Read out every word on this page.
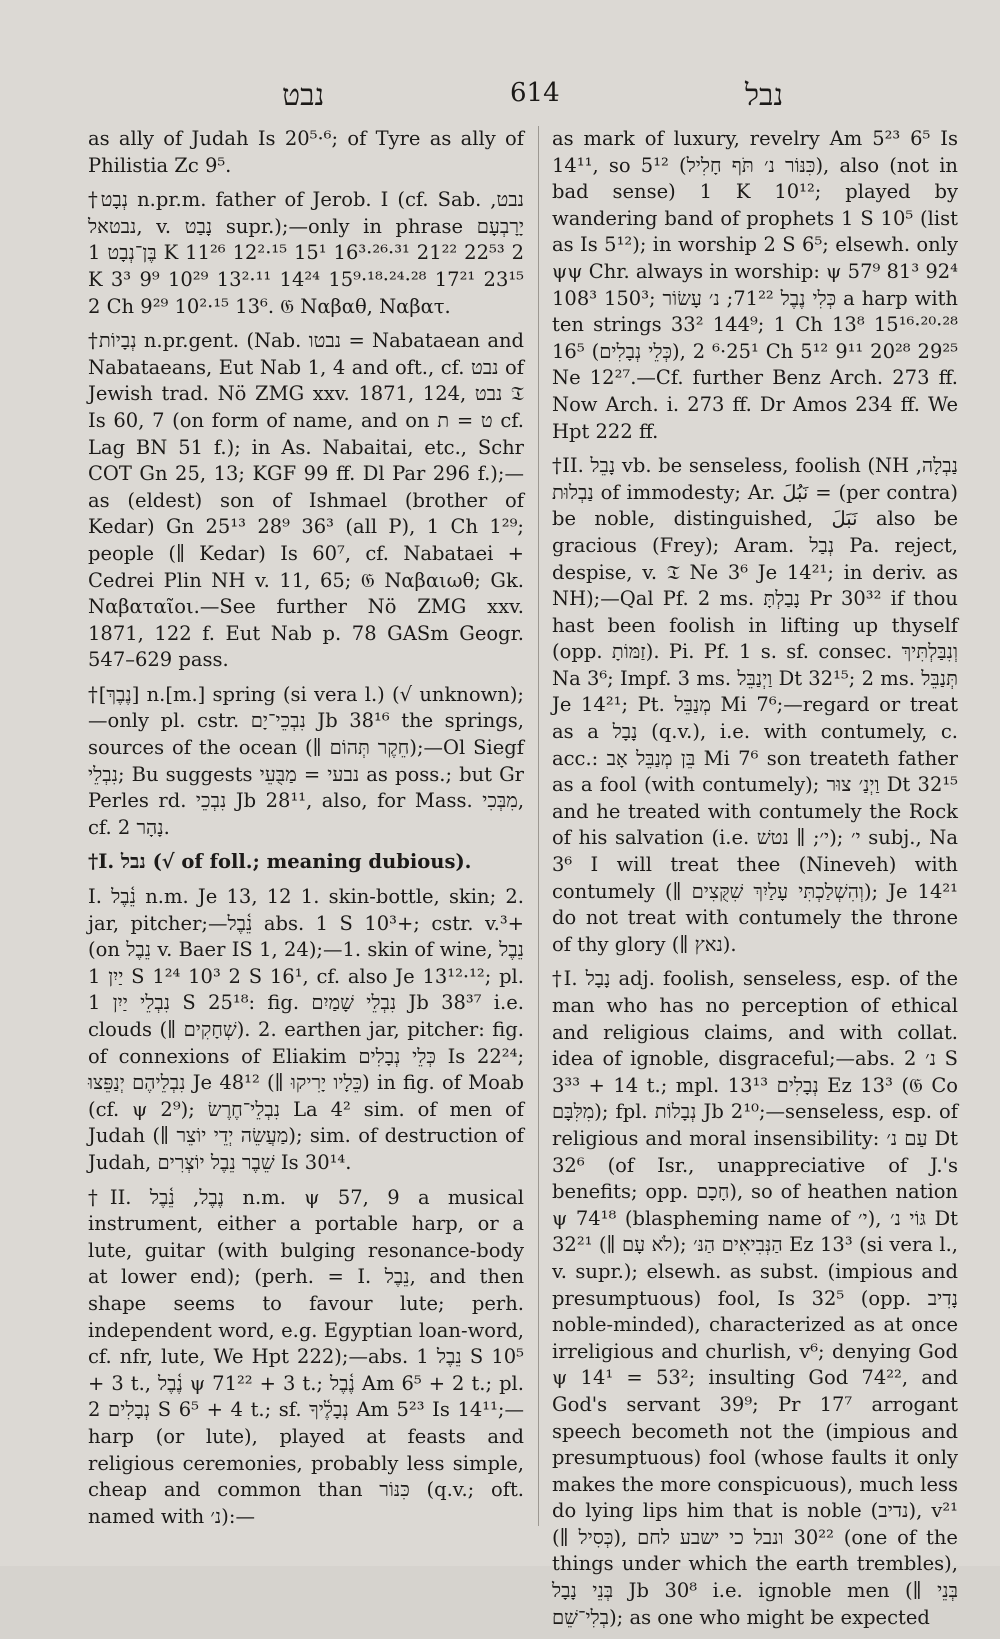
נבט	614	נבל

as ally of Judah Is 20⁵·⁶; of Tyre as ally of Philistia Zc 9⁵.

†נְבָט n.pr.m. father of Jerob. I (cf. Sab. נבט, נבטאל, v. נָבַט supr.);—only in phrase יָרָבְעָם בֶּן־נְבָט 1 K 11²⁶ 12²·¹⁵ 15¹ 16³·²⁶·³¹ 21²² 22⁵³ 2 K 3³ 9⁹ 10²⁹ 13²·¹¹ 14²⁴ 15⁹·¹⁸·²⁴·²⁸ 17²¹ 23¹⁵ 2 Ch 9²⁹ 10²·¹⁵ 13⁶. 𝔊 Ναβαθ, Ναβατ.

†נְבָיוֹת n.pr.gent. (Nab. נבטו = Nabataean and Nabataeans, Eut Nab 1, 4 and oft., cf. נבט of Jewish trad. Nö ZMG xxv. 1871, 124, נבט 𝔗 Is 60, 7 (on form of name, and on ט = ת cf. Lag BN 51 f.); in As. Nabaitai, etc., Schr COT Gn 25, 13; KGF 99 ff. Dl Par 296 f.);—as (eldest) son of Ishmael (brother of Kedar) Gn 25¹³ 28⁹ 36³ (all P), 1 Ch 1²⁹; people (∥ Kedar) Is 60⁷, cf. Nabataei + Cedrei Plin NH v. 11, 65; 𝔊 Ναβαιωθ; Gk. Ναβαταῖοι.—See further Nö ZMG xxv. 1871, 122 f. Eut Nab p. 78 GASm Geogr. 547–629 pass.

†[נֶבֶךְ] n.[m.] spring (si vera l.) (√ unknown);—only pl. cstr. נִבְכֵי־יָם Jb 38¹⁶ the springs, sources of the ocean (∥ חֵקֶר תְּהוֹם);—Ol Siegf נִבְלֵי; Bu suggests נבעי = מַבֻּעֵי as poss.; but Gr Perles rd. נִבְכֵי Jb 28¹¹, also, for Mass. מִבְּכִי, cf. נָהָר 2.

†I. נבל (√ of foll.; meaning dubious).

I. נֵ֫בֶל n.m. Je 13, 12 1. skin-bottle, skin; 2. jar, pitcher;—נֵ֫בֶל abs. 1 S 10³+; cstr. v.³+ (on נֵבֶל v. Baer IS 1, 24);—1. skin of wine, נֵבֶל יַיִן 1 S 1²⁴ 10³ 2 S 16¹, cf. also Je 13¹²·¹²; pl. נִבְלֵי יַיִן 1 S 25¹⁸: fig. נִבְלֵי שָׁמַיִם Jb 38³⁷ i.e. clouds (∥ שְׁחָקִים). 2. earthen jar, pitcher: fig. of connexions of Eliakim כְּלֵי נְבָלִים Is 22²⁴; נִבְלֵיהֶם יְנַפֵּצוּ Je 48¹² (∥ כֵּלָיו יָרִיקוּ) in fig. of Moab (cf. ψ 2⁹); נִבְלֵי־חֶרֶשׂ La 4² sim. of men of Judah (∥ מַעֲשֵׂה יְדֵי יוֹצֵר); sim. of destruction of Judah, שֵׁבֶר נֵבֶל יוֹצְרִים Is 30¹⁴.

†II. נֶבֶל, נֵ֫בֶל n.m. ψ 57, 9 a musical instrument, either a portable harp, or a lute, guitar (with bulging resonance-body at lower end); (perh. = I. נֵבֶל, and then shape seems to favour lute; perh. independent word, e.g. Egyptian loan-word, cf. nfr, lute, We Hpt 222);—abs. נֵבֶל 1 S 10⁵ + 3 t., נֶ֫בֶל ψ 71²² + 3 t.; נֶ֫בֶל Am 6⁵ + 2 t.; pl. נְבָלִים 2 S 6⁵ + 4 t.; sf. נְבָלֶ֫יךָ Am 5²³ Is 14¹¹;—harp (or lute), played at feasts and religious ceremonies, probably less simple, cheap and common than כִּנּוֹר (q.v.; oft. named with נ׳):—

as mark of luxury, revelry Am 5²³ 6⁵ Is 14¹¹, so 5¹² (כִּנּוֹר נ׳ תֹּף חָלִיל), also (not in bad sense) 1 K 10¹²; played by wandering band of prophets 1 S 10⁵ (list as Is 5¹²); in worship 2 S 6⁵; elsewh. only ψψ Chr. always in worship: ψ 57⁹ 81³ 92⁴ 108³ 150³; כְּלִי נֶבֶל 71²²; נ׳ עָשׂוֹר a harp with ten strings 33² 144⁹; 1 Ch 13⁸ 15¹⁶·²⁰·²⁸ 16⁵ (כְּלֵי נְבָלִים), 25¹·⁶ 2 Ch 5¹² 9¹¹ 20²⁸ 29²⁵ Ne 12²⁷.—Cf. further Benz Arch. 273 ff. Now Arch. i. 273 ff. Dr Amos 234 ff. We Hpt 222 ff.

†II. נָבֵל vb. be senseless, foolish (NH נַבְלָה, נַבְלוּת of immodesty; Ar. نَبُلَ = (per contra) be noble, distinguished, نَبَلَ also be gracious (Frey); Aram. נְבַל Pa. reject, despise, v. 𝔗 Ne 3⁶ Je 14²¹; in deriv. as NH);—Qal Pf. 2 ms. נָבַלְתָּ Pr 30³² if thou hast been foolish in lifting up thyself (opp. זַמּוֹתָ). Pi. Pf. 1 s. sf. consec. וְנִבַּלְתִּיךְ Na 3⁶; Impf. 3 ms. וַיְנַבֵּל Dt 32¹⁵; 2 ms. תְּנַבֵּל Je 14²¹; Pt. מְנַבֵּל Mi 7⁶;—regard or treat as a נָבָל (q.v.), i.e. with contumely, c. acc.: בֵּן מְנַבֵּל אָב Mi 7⁶ son treateth father as a fool (with contumely); וַיְנַ׳ צוּר Dt 32¹⁵ and he treated with contumely the Rock of his salvation (i.e. י׳; ∥ נטשׁ); י׳ subj., Na 3⁶ I will treat thee (Nineveh) with contumely (∥ וְהִשְׁלַכְתִּי עָלַיִךְ שִׁקֻּצִים); Je 14²¹ do not treat with contumely the throne of thy glory (∥ נאץ).

†I. נָבָל adj. foolish, senseless, esp. of the man who has no perception of ethical and religious claims, and with collat. idea of ignoble, disgraceful;—abs. נ׳ 2 S 3³³ + 14 t.; mpl. נְבָלִים 13¹³ Ez 13³ (𝔊 Co מִלִּבָּם); fpl. נְבָלוֹת Jb 2¹⁰;—senseless, esp. of religious and moral insensibility: עַם נ׳ Dt 32⁶ (of Isr., unappreciative of J.'s benefits; opp. חָכָם), so of heathen nation ψ 74¹⁸ (blaspheming name of י׳), גּוֹי נ׳ Dt 32²¹ (∥ לֹא עָם); הַנְּבִיאִים הַנּ׳ Ez 13³ (si vera l., v. supr.); elsewh. as subst. (impious and presumptuous) fool, Is 32⁵ (opp. נָדִיב noble-minded), characterized as at once irreligious and churlish, v⁶; denying God ψ 14¹ = 53²; insulting God 74²², and God's servant 39⁹; Pr 17⁷ arrogant speech becometh not the (impious and presumptuous) fool (whose faults it only makes the more conspicuous), much less do lying lips him that is noble (נדיב), v²¹ (∥ כְּסִיל), 30²² ונבל כי ישבע לחם (one of the things under which the earth trembles), בְּנֵי נָבָל Jb 30⁸ i.e. ignoble men (∥ בְּנֵי בְלִי־שֵׁם); as one who might be expected
